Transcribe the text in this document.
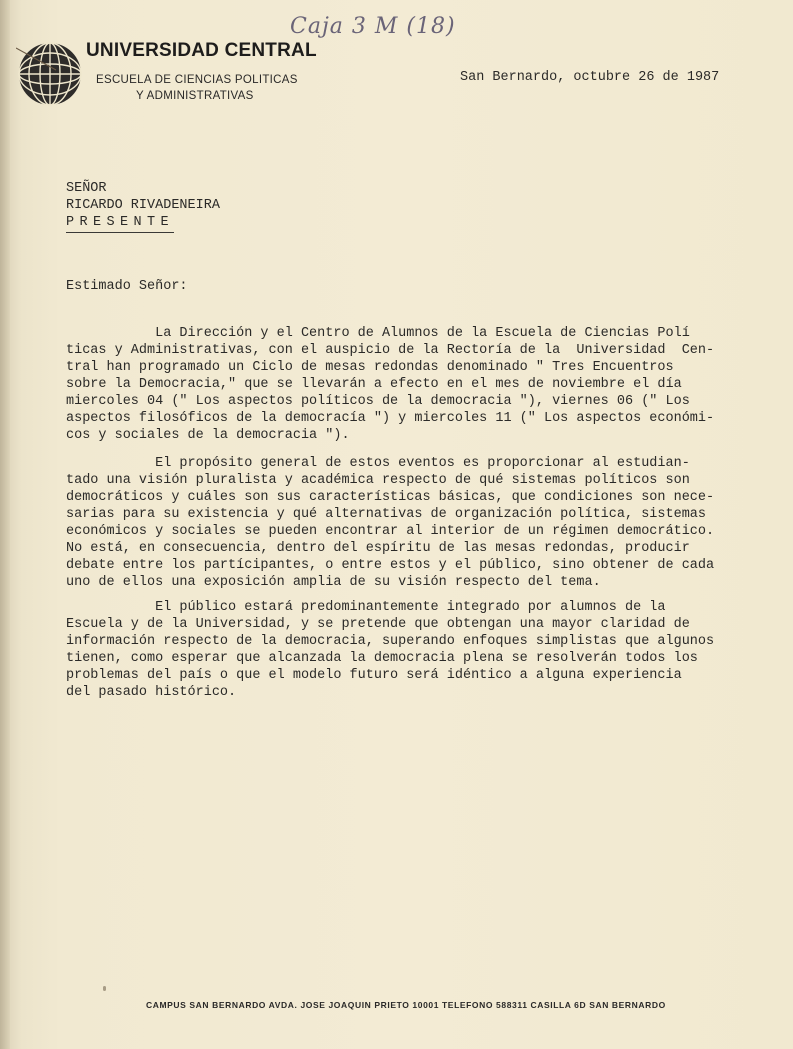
UNIVERSIDAD CENTRAL
ESCUELA DE CIENCIAS POLITICAS
Y ADMINISTRATIVAS
Caja 3 M (18)
San Bernardo, octubre 26 de 1987
SEÑOR
RICARDO RIVADENEIRA
PRESENTE
Estimado Señor:
La Dirección y el Centro de Alumnos de la Escuela de Ciencias Polí
ticas y Administrativas, con el auspicio de la Rectoría de la  Universidad  Cen-
tral han programado un Ciclo de mesas redondas denominado " Tres Encuentros
sobre la Democracia," que se llevarán a efecto en el mes de noviembre el día
miercoles 04 (" Los aspectos políticos de la democracia "), viernes 06 (" Los
aspectos filosóficos de la democracía ") y miercoles 11 (" Los aspectos económi-
cos y sociales de la democracia ").
El propósito general de estos eventos es proporcionar al estudian-
tado una visión pluralista y académica respecto de qué sistemas políticos son
democráticos y cuáles son sus características básicas, que condiciones son nece-
sarias para su existencia y qué alternativas de organización política, sistemas
económicos y sociales se pueden encontrar al interior de un régimen democrático.
No está, en consecuencia, dentro del espíritu de las mesas redondas, producir
debate entre los partícipantes, o entre estos y el público, sino obtener de cada
uno de ellos una exposición amplia de su visión respecto del tema.
El público estará predominantemente integrado por alumnos de la
Escuela y de la Universidad, y se pretende que obtengan una mayor claridad de
información respecto de la democracia, superando enfoques simplistas que algunos
tienen, como esperar que alcanzada la democracia plena se resolverán todos los
problemas del país o que el modelo futuro será idéntico a alguna experiencia
del pasado histórico.
CAMPUS SAN BERNARDO AVDA. JOSE JOAQUIN PRIETO 10001 TELEFONO 588311 CASILLA 6D SAN BERNARDO
